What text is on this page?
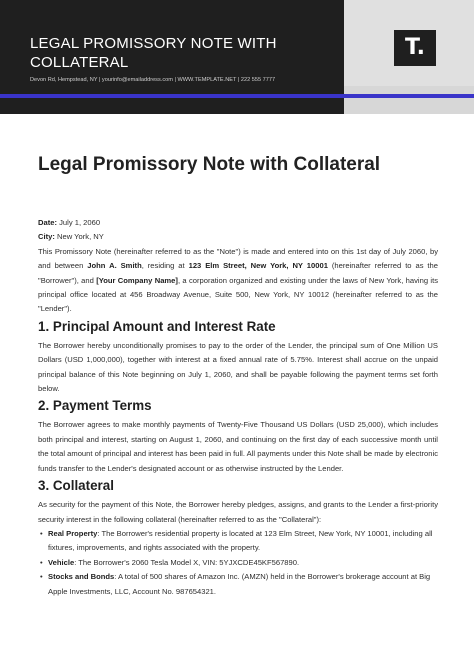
T.
LEGAL PROMISSORY NOTE WITH COLLATERAL
Devon Rd, Hempstead, NY | yourinfo@emailaddress.com | WWW.TEMPLATE.NET | 222 555 7777
Legal Promissory Note with Collateral

Date: July 1, 2060

City: New York, NY

This Promissory Note (hereinafter referred to as the "Note") is made and entered into on this 1st day of July 2060, by and between John A. Smith, residing at 123 Elm Street, New York, NY 10001 (hereinafter referred to as the "Borrower"), and [Your Company Name], a corporation organized and existing under the laws of New York, having its principal office located at 456 Broadway Avenue, Suite 500, New York, NY 10012 (hereinafter referred to as the "Lender").

1. Principal Amount and Interest Rate

The Borrower hereby unconditionally promises to pay to the order of the Lender, the principal sum of One Million US Dollars (USD 1,000,000), together with interest at a fixed annual rate of 5.75%. Interest shall accrue on the unpaid principal balance of this Note beginning on July 1, 2060, and shall be payable following the payment terms set forth below.

2. Payment Terms

The Borrower agrees to make monthly payments of Twenty-Five Thousand US Dollars (USD 25,000), which includes both principal and interest, starting on August 1, 2060, and continuing on the first day of each successive month until the total amount of principal and interest has been paid in full. All payments under this Note shall be made by electronic funds transfer to the Lender's designated account or as otherwise instructed by the Lender.

3. Collateral

As security for the payment of this Note, the Borrower hereby pledges, assigns, and grants to the Lender a first-priority security interest in the following collateral (hereinafter referred to as the "Collateral"):

• Real Property: The Borrower's residential property is located at 123 Elm Street, New York, NY 10001, including all fixtures, improvements, and rights associated with the property.
• Vehicle: The Borrower's 2060 Tesla Model X, VIN: 5YJXCDE45KF567890.
• Stocks and Bonds: A total of 500 shares of Amazon Inc. (AMZN) held in the Borrower's brokerage account at Big Apple Investments, LLC, Account No. 987654321.
